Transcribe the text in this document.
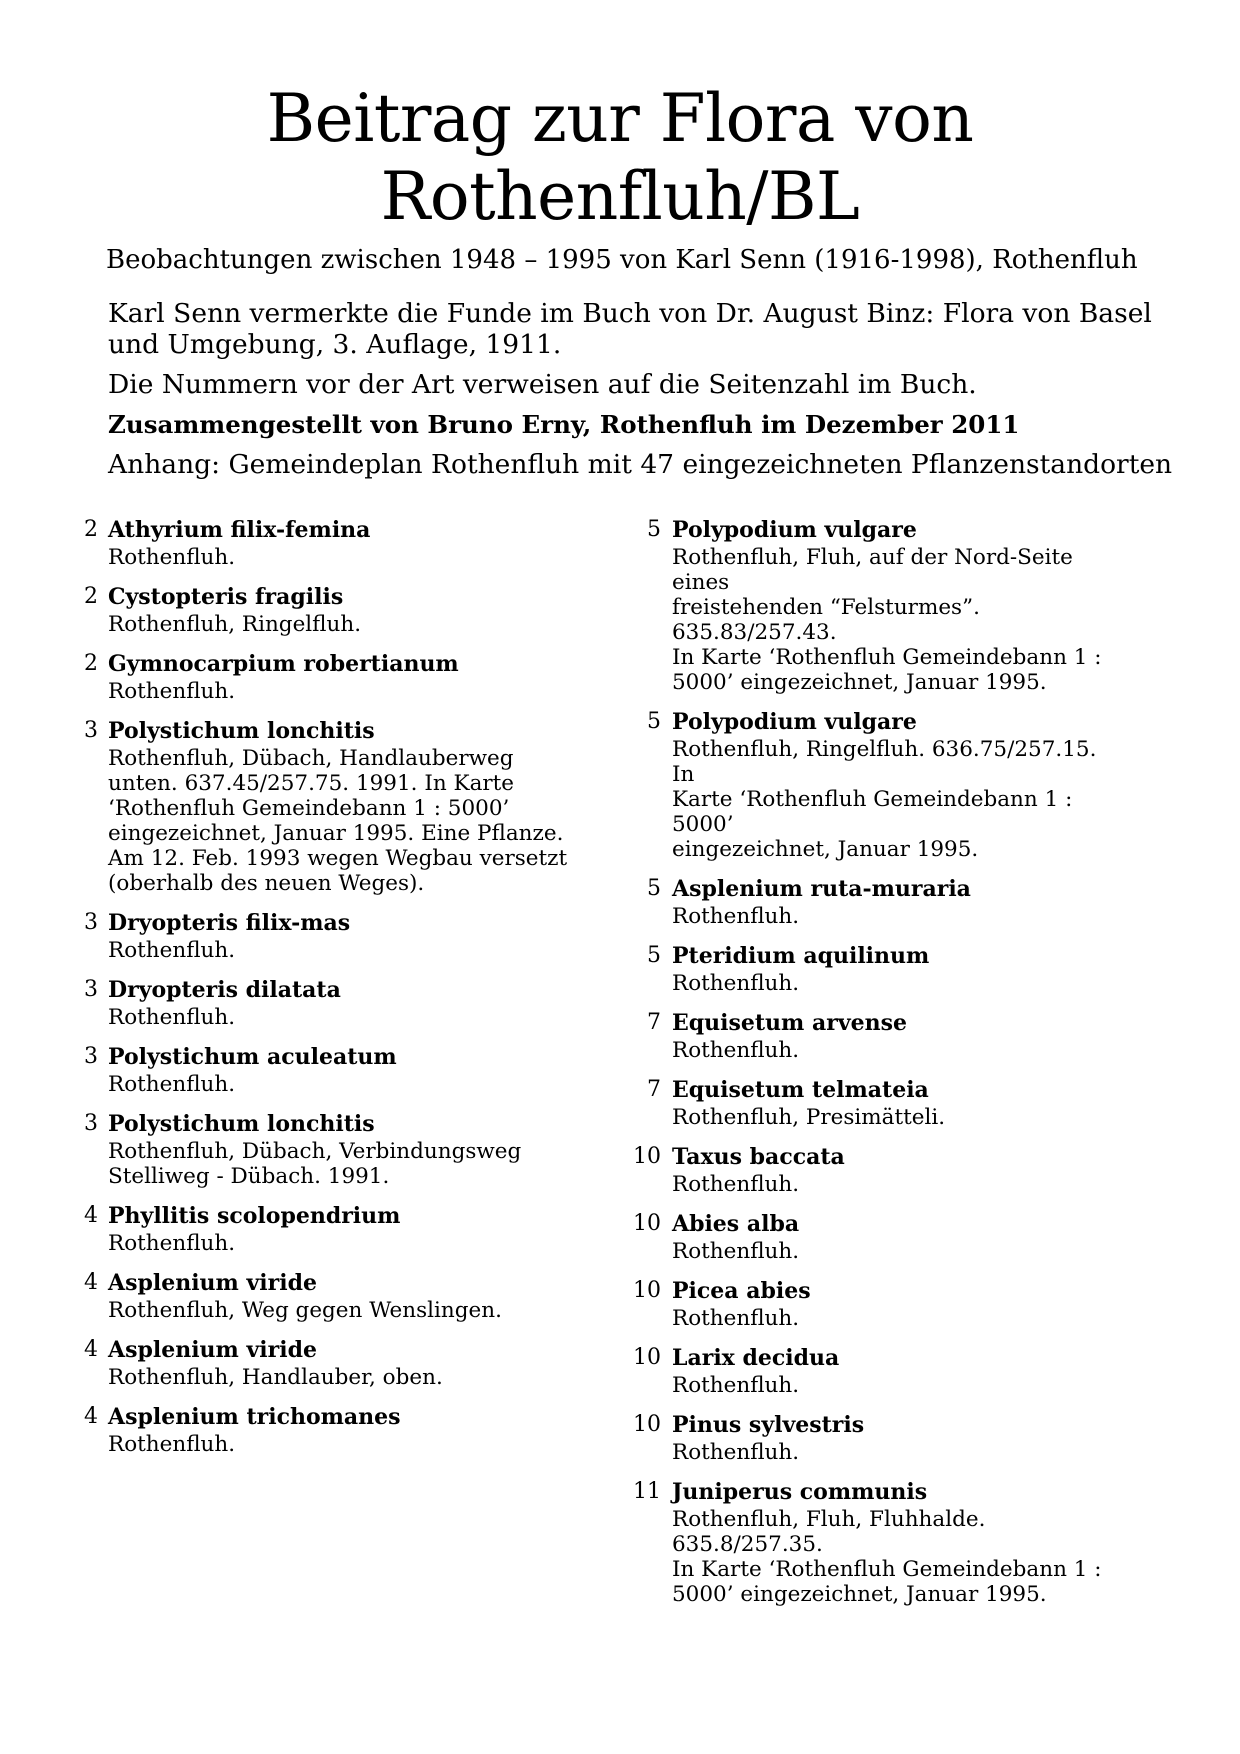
Beitrag zur Flora von
Rothenfluh/BL
Beobachtungen zwischen 1948 – 1995 von Karl Senn (1916-1998), Rothenfluh

Karl Senn vermerkte die Funde im Buch von Dr. August Binz: Flora von Basel und Umgebung, 3. Auflage, 1911.

Die Nummern vor der Art verweisen auf die Seitenzahl im Buch.

Zusammengestellt von Bruno Erny, Rothenfluh im Dezember 2011

Anhang: Gemeindeplan Rothenfluh mit 47 eingezeichneten Pflanzenstandorten

2 Athyrium filix-femina
Rothenfluh.
2 Cystopteris fragilis
Rothenfluh, Ringelfluh.
2 Gymnocarpium robertianum
Rothenfluh.
3 Polystichum lonchitis
Rothenfluh, Dübach, Handlauberweg
unten. 637.45/257.75. 1991. In Karte
‘Rothenfluh Gemeindebann 1 : 5000’
eingezeichnet, Januar 1995. Eine Pflanze.
Am 12. Feb. 1993 wegen Wegbau versetzt
(oberhalb des neuen Weges).
3 Dryopteris filix-mas
Rothenfluh.
3 Dryopteris dilatata
Rothenfluh.
3 Polystichum aculeatum
Rothenfluh.
3 Polystichum lonchitis
Rothenfluh, Dübach, Verbindungsweg
Stelliweg - Dübach. 1991.
4 Phyllitis scolopendrium
Rothenfluh.
4 Asplenium viride
Rothenfluh, Weg gegen Wenslingen.
4 Asplenium viride
Rothenfluh, Handlauber, oben.
4 Asplenium trichomanes
Rothenfluh.
5 Polypodium vulgare
Rothenfluh, Fluh, auf der Nord-Seite eines
freistehenden “Felsturmes”. 635.83/257.43.
In Karte ‘Rothenfluh Gemeindebann 1 :
5000’ eingezeichnet, Januar 1995.
5 Polypodium vulgare
Rothenfluh, Ringelfluh. 636.75/257.15. In
Karte ‘Rothenfluh Gemeindebann 1 : 5000’
eingezeichnet, Januar 1995.
5 Asplenium ruta-muraria
Rothenfluh.
5 Pteridium aquilinum
Rothenfluh.
7 Equisetum arvense
Rothenfluh.
7 Equisetum telmateia
Rothenfluh, Presimätteli.
10 Taxus baccata
Rothenfluh.
10 Abies alba
Rothenfluh.
10 Picea abies
Rothenfluh.
10 Larix decidua
Rothenfluh.
10 Pinus sylvestris
Rothenfluh.
11 Juniperus communis
Rothenfluh, Fluh, Fluhhalde. 635.8/257.35.
In Karte ‘Rothenfluh Gemeindebann 1 :
5000’ eingezeichnet, Januar 1995.
